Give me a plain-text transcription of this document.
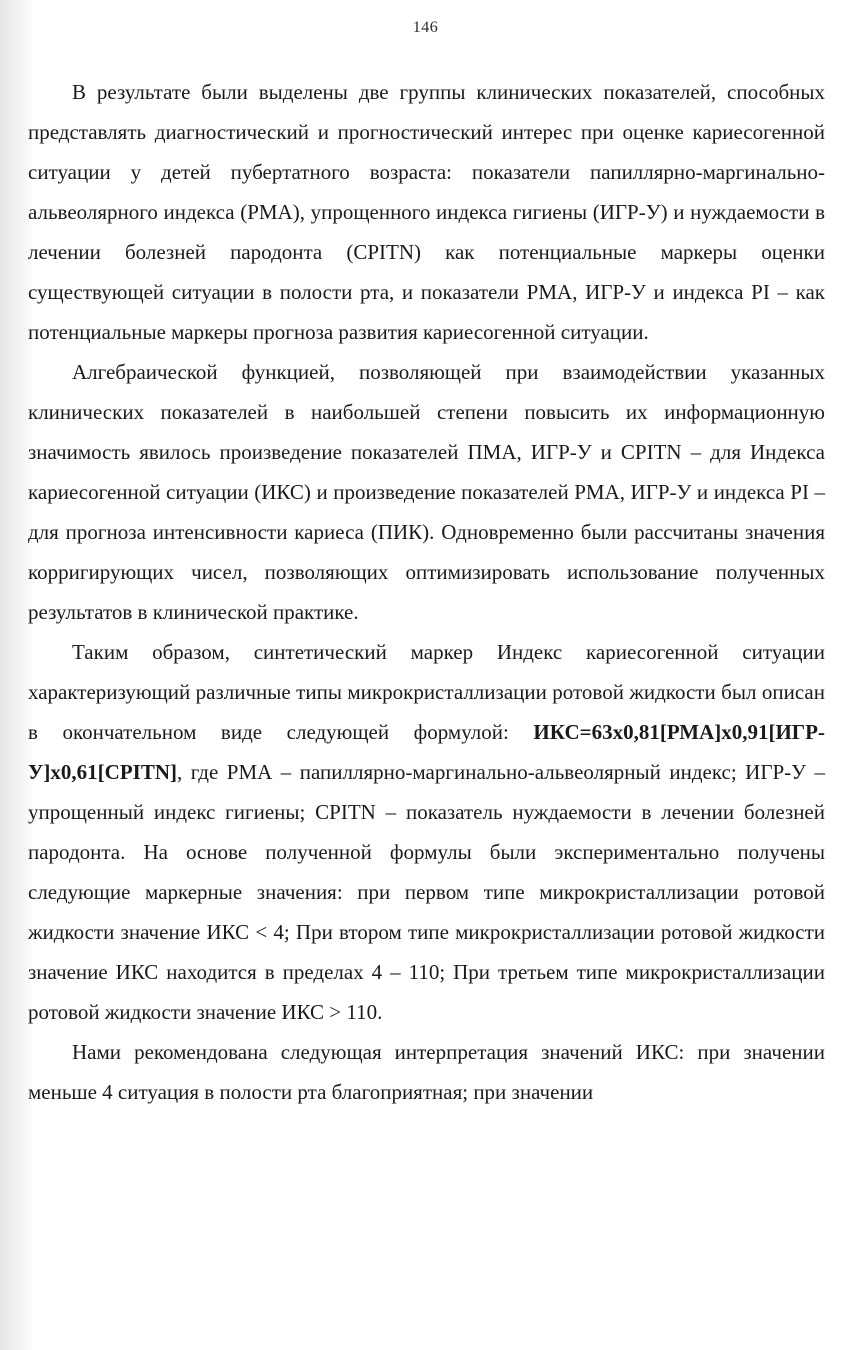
146

В результате были выделены две группы клинических показателей, способных представлять диагностический и прогностический интерес при оценке кариесогенной ситуации у детей пубертатного возраста: показатели папиллярно-маргинально-альвеолярного индекса (РМА), упрощенного индекса гигиены (ИГР-У) и нуждаемости в лечении болезней пародонта (CPITN) как потенциальные маркеры оценки существующей ситуации в полости рта, и показатели РМА, ИГР-У и индекса PI – как потенциальные маркеры прогноза развития кариесогенной ситуации.

Алгебраической функцией, позволяющей при взаимодействии указанных клинических показателей в наибольшей степени повысить их информационную значимость явилось произведение показателей ПМА, ИГР-У и CPITN – для Индекса кариесогенной ситуации (ИКС) и произведение показателей РМА, ИГР-У и индекса PI – для прогноза интенсивности кариеса (ПИК). Одновременно были рассчитаны значения корригирующих чисел, позволяющих оптимизировать использование полученных результатов в клинической практике.

Таким образом, синтетический маркер Индекс кариесогенной ситуации характеризующий различные типы микрокристаллизации ротовой жидкости был описан в окончательном виде следующей формулой: ИКС=63x0,81[РМА]x0,91[ИГР-У]x0,61[CPITN], где РМА – папиллярно-маргинально-альвеолярный индекс; ИГР-У – упрощенный индекс гигиены; CPITN – показатель нуждаемости в лечении болезней пародонта. На основе полученной формулы были экспериментально получены следующие маркерные значения: при первом типе микрокристаллизации ротовой жидкости значение ИКС < 4; При втором типе микрокристаллизации ротовой жидкости значение ИКС находится в пределах 4 – 110; При третьем типе микрокристаллизации ротовой жидкости значение ИКС > 110.

Нами рекомендована следующая интерпретация значений ИКС: при значении меньше 4 ситуация в полости рта благоприятная; при значении
